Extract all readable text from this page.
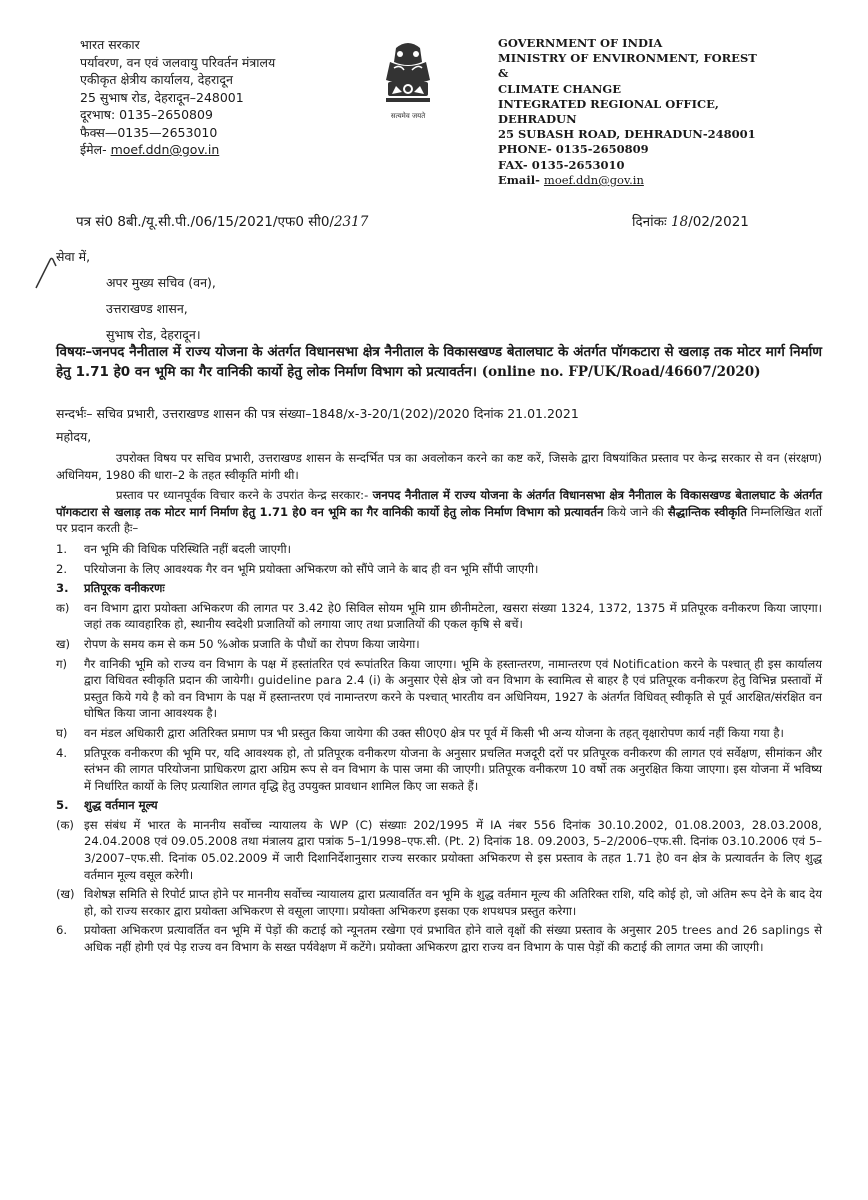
भारत सरकार
पर्यावरण, वन एवं जलवायु परिवर्तन मंत्रालय
एकीकृत क्षेत्रीय कार्यालय, देहरादून
25 सुभाष रोड, देहरादून–248001
दूरभाष: 0135–2650809
फैक्स—0135—2653010
ईमेल- moef.ddn@gov.in
सत्यमेव जयते
GOVERNMENT OF INDIA
MINISTRY OF ENVIRONMENT, FOREST
&
CLIMATE CHANGE
INTEGRATED REGIONAL OFFICE,
DEHRADUN
25 SUBASH ROAD, DEHRADUN-248001
PHONE- 0135-2650809
FAX- 0135-2653010
Email- moef.ddn@gov.in
पत्र सं0 8बी./यू.सी.पी./06/15/2021/एफ0 सी0/2317	दिनांकः 18/02/2021
सेवा में,
अपर मुख्य सचिव (वन),
उत्तराखण्ड शासन,
सुभाष रोड, देहरादून।
विषयः–जनपद नैनीताल में राज्य योजना के अंतर्गत विधानसभा क्षेत्र नैनीताल के विकासखण्ड बेतालघाट के अंतर्गत पॉगकटारा से खलाड़ तक मोटर मार्ग निर्माण हेतु 1.71 हे0 वन भूमि का गैर वानिकी कार्यो हेतु लोक निर्माण विभाग को प्रत्यावर्तन। (online no. FP/UK/Road/46607/2020)
सन्दर्भः– सचिव प्रभारी, उत्तराखण्ड शासन की पत्र संख्या–1848/x-3-20/1(202)/2020 दिनांक 21.01.2021
महोदय,

उपरोक्त विषय पर सचिव प्रभारी, उत्तराखण्ड शासन के सन्दर्भित पत्र का अवलोकन करने का कष्ट करें, जिसके द्वारा विषयांकित प्रस्ताव पर केन्द्र सरकार से वन (संरक्षण) अधिनियम, 1980 की धारा–2 के तहत स्वीकृति मांगी थी।

प्रस्ताव पर ध्यानपूर्वक विचार करने के उपरांत केन्द्र सरकार:- जनपद नैनीताल में राज्य योजना के अंतर्गत विधानसभा क्षेत्र नैनीताल के विकासखण्ड बेतालघाट के अंतर्गत पॉगकटारा से खलाड़ तक मोटर मार्ग निर्माण हेतु 1.71 हे0 वन भूमि का गैर वानिकी कार्यो हेतु लोक निर्माण विभाग को प्रत्यावर्तन किये जाने की सैद्धान्तिक स्वीकृति निम्नलिखित शर्तो पर प्रदान करती हैः–

1.	वन भूमि की विधिक परिस्थिति नहीं बदली जाएगी।
2.	परियोजना के लिए आवश्यक गैर वन भूमि प्रयोक्ता अभिकरण को सौंपे जाने के बाद ही वन भूमि सौंपी जाएगी।
3.	प्रतिपूरक वनीकरणः
क)	वन विभाग द्वारा प्रयोक्ता अभिकरण की लागत पर 3.42 हे0 सिविल सोयम भूमि ग्राम छीनीमटेला, खसरा संख्या 1324, 1372, 1375 में प्रतिपूरक वनीकरण किया जाएगा। जहां तक व्यावहारिक हो, स्थानीय स्वदेशी प्रजातियों को लगाया जाए तथा प्रजातियों की एकल कृषि से बचें।
ख)	रोपण के समय कम से कम 50 %ओक प्रजाति के पौधों का रोपण किया जायेगा।
ग)	गैर वानिकी भूमि को राज्य वन विभाग के पक्ष में हस्तांतरित एवं रूपांतरित किया जाएगा। भूमि के हस्तान्तरण, नामान्तरण एवं Notification करने के पश्चात् ही इस कार्यालय द्वारा विधिवत स्वीकृति प्रदान की जायेगी। guideline para 2.4 (i) के अनुसार ऐसे क्षेत्र जो वन विभाग के स्वामित्व से बाहर है एवं प्रतिपूरक वनीकरण हेतु विभिन्न प्रस्तावों में प्रस्तुत किये गये है को वन विभाग के पक्ष में हस्तान्तरण एवं नामान्तरण करने के पश्चात् भारतीय वन अधिनियम, 1927 के अंतर्गत विधिवत् स्वीकृति से पूर्व आरक्षित/संरक्षित वन घोषित किया जाना आवश्यक है।
घ)	वन मंडल अधिकारी द्वारा अतिरिक्त प्रमाण पत्र भी प्रस्तुत किया जायेगा की उक्त सी0ए0 क्षेत्र पर पूर्व में किसी भी अन्य योजना के तहत् वृक्षारोपण कार्य नहीं किया गया है।
4.	प्रतिपूरक वनीकरण की भूमि पर, यदि आवश्यक हो, तो प्रतिपूरक वनीकरण योजना के अनुसार प्रचलित मजदूरी दरों पर प्रतिपूरक वनीकरण की लागत एवं सर्वेक्षण, सीमांकन और स्तंभन की लागत परियोजना प्राधिकरण द्वारा अग्रिम रूप से वन विभाग के पास जमा की जाएगी। प्रतिपूरक वनीकरण 10 वर्षो तक अनुरक्षित किया जाएगा। इस योजना में भविष्य में निर्धारित कार्यो के लिए प्रत्याशित लागत वृद्धि हेतु उपयुक्त प्रावधान शामिल किए जा सकते हैं।
5.	शुद्ध वर्तमान मूल्य
(क) इस संबंध में भारत के माननीय सर्वोच्च न्यायालय के WP (C) संख्याः 202/1995 में IA नंबर 556 दिनांक 30.10.2002, 01.08.2003, 28.03.2008, 24.04.2008 एवं 09.05.2008 तथा मंत्रालय द्वारा पत्रांक 5–1/1998–एफ.सी. (Pt. 2) दिनांक 18. 09.2003, 5–2/2006–एफ.सी. दिनांक 03.10.2006 एवं 5–3/2007–एफ.सी. दिनांक 05.02.2009 में जारी दिशानिर्देशानुसार राज्य सरकार प्रयोक्ता अभिकरण से इस प्रस्ताव के तहत 1.71 हे0 वन क्षेत्र के प्रत्यावर्तन के लिए शुद्ध वर्तमान मूल्य वसूल करेगी।
(ख) विशेषज्ञ समिति से रिपोर्ट प्राप्त होने पर माननीय सर्वोच्च न्यायालय द्वारा प्रत्यावर्तित वन भूमि के शुद्ध वर्तमान मूल्य की अतिरिक्त राशि, यदि कोई हो, जो अंतिम रूप देने के बाद देय हो, को राज्य सरकार द्वारा प्रयोक्ता अभिकरण से वसूला जाएगा। प्रयोक्ता अभिकरण इसका एक शपथपत्र प्रस्तुत करेगा।
6.	प्रयोक्ता अभिकरण प्रत्यावर्तित वन भूमि में पेड़ों की कटाई को न्यूनतम रखेगा एवं प्रभावित होने वाले वृक्षों की संख्या प्रस्ताव के अनुसार 205 trees and 26 saplings से अधिक नहीं होगी एवं पेड़ राज्य वन विभाग के सख्त पर्यवेक्षण में कटेंगे। प्रयोक्ता अभिकरण द्वारा राज्य वन विभाग के पास पेड़ों की कटाई की लागत जमा की जाएगी।
